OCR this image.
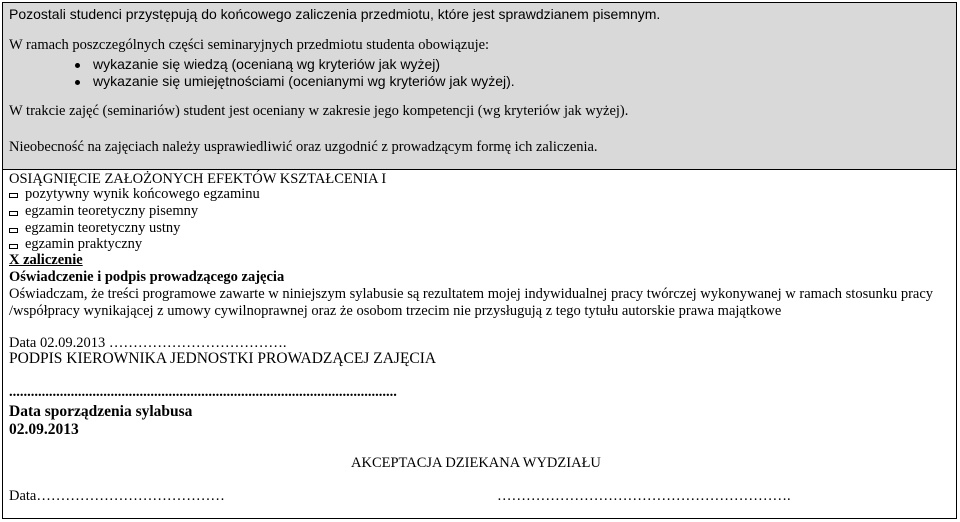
Pozostali studenci przystępują do końcowego zaliczenia przedmiotu, które jest sprawdzianem pisemnym.
W ramach poszczególnych części seminaryjnych przedmiotu studenta obowiązuje:
wykazanie się wiedzą (ocenianą wg kryteriów jak wyżej)
wykazanie się umiejętnościami (ocenianymi wg kryteriów jak wyżej).
W trakcie zajęć (seminariów) student jest oceniany w zakresie jego kompetencji (wg kryteriów jak wyżej).
Nieobecność na zajęciach należy usprawiedliwić oraz uzgodnić z prowadzącym formę ich zaliczenia.
OSIĄGNIĘCIE ZAŁOŻONYCH EFEKTÓW KSZTAŁCENIA I
pozytywny wynik końcowego egzaminu
egzamin teoretyczny pisemny
egzamin teoretyczny ustny
egzamin praktyczny
X zaliczenie
Oświadczenie i podpis prowadzącego zajęcia
Oświadczam, że treści programowe zawarte w niniejszym sylabusie są rezultatem mojej indywidualnej pracy twórczej wykonywanej w ramach stosunku pracy
/współpracy wynikającej z umowy cywilnoprawnej oraz że osobom trzecim nie przysługują z tego tytułu autorskie prawa majątkowe
Data 02.09.2013 ……………………………….
PODPIS KIEROWNIKA JEDNOSTKI PROWADZĄCEJ ZAJĘCIA
...........................................................................................................
Data sporządzenia sylabusa
02.09.2013
AKCEPTACJA DZIEKANA WYDZIAŁU
Data…………………………………	…………………………………………………….
